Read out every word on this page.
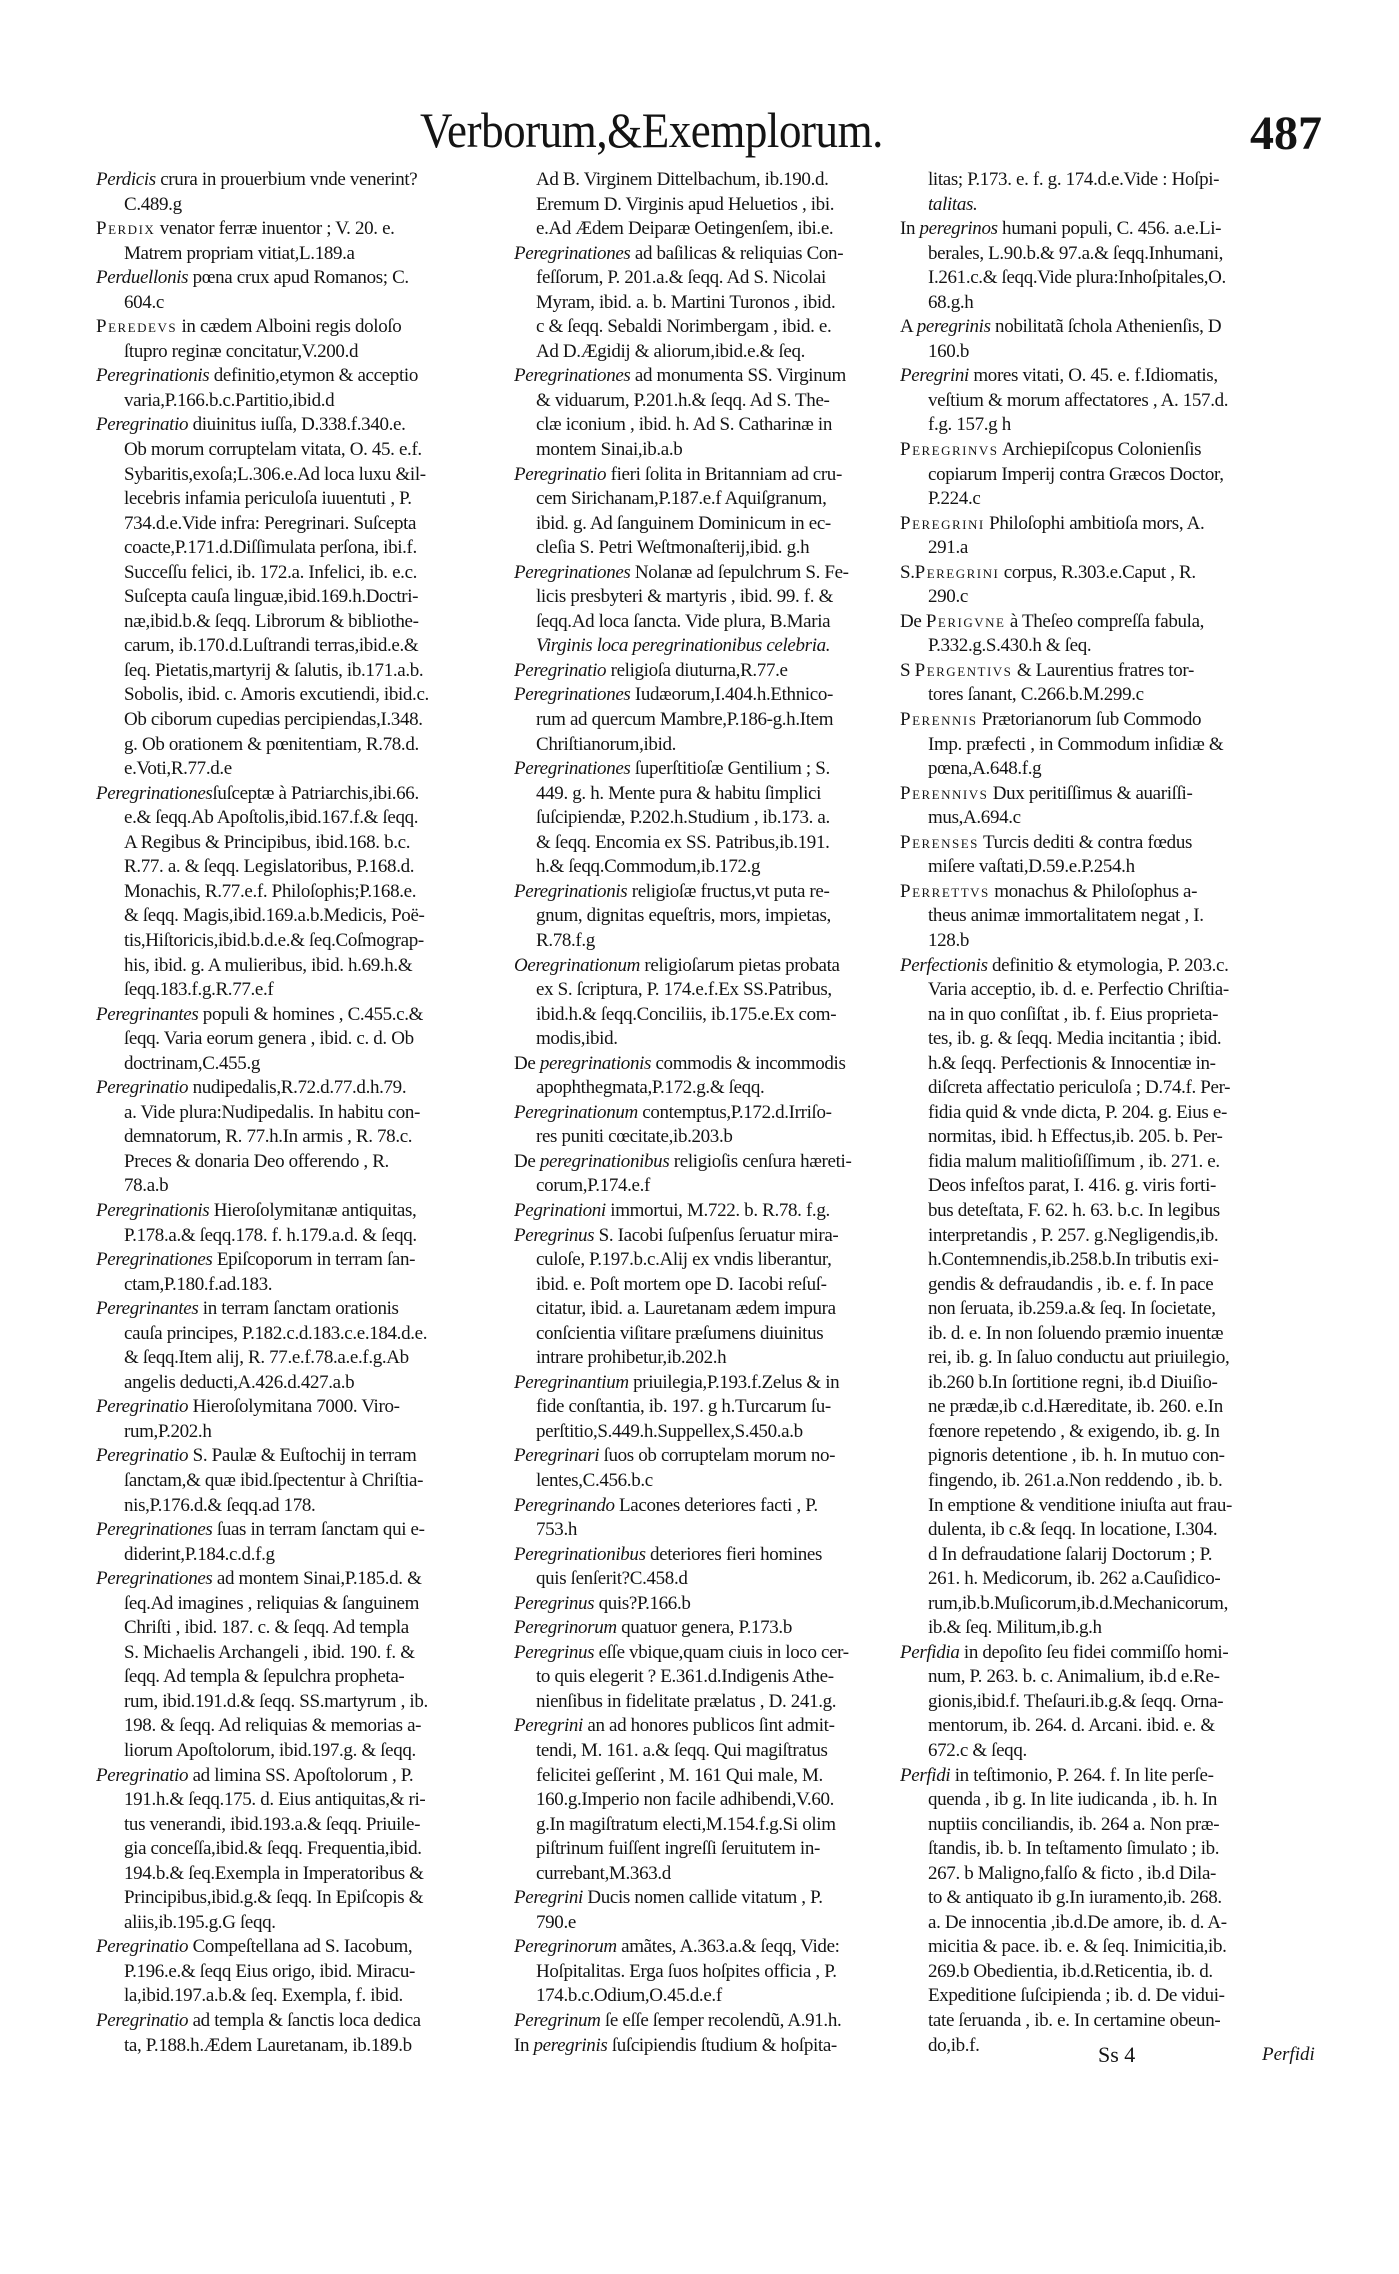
Verborum,&Exemplorum.	487
Perdicis crura in prouerbium vnde venerint?
C.489.g
Perdix venator ferræ inuentor ; V. 20. e.
Matrem propriam vitiat,L.189.a
Perduellonis pœna crux apud Romanos; C.
604.c
Peredevs in cædem Alboini regis doloſo
ſtupro reginæ concitatur,V.200.d
Peregrinationis definitio,etymon & acceptio
varia,P.166.b.c.Partitio,ibid.d
Peregrinatio diuinitus iuſſa, D.338.f.340.e.
Ob morum corruptelam vitata, O. 45. e.f.
Sybaritis,exoſa;L.306.e.Ad loca luxu &il-
lecebris infamia periculoſa iuuentuti , P.
734.d.e.Vide infra: Peregrinari. Suſcepta
coacte,P.171.d.Diſſimulata perſona, ibi.f.
Succeſſu felici, ib. 172.a. Infelici, ib. e.c.
Suſcepta cauſa linguæ,ibid.169.h.Doctri-
næ,ibid.b.& ſeqq. Librorum & bibliothe-
carum, ib.170.d.Luſtrandi terras,ibid.e.&
ſeq. Pietatis,martyrij & ſalutis, ib.171.a.b.
Sobolis, ibid. c. Amoris excutiendi, ibid.c.
Ob ciborum cupedias percipiendas,I.348.
g. Ob orationem & pœnitentiam, R.78.d.
e.Voti,R.77.d.e
Peregrinationesſuſceptæ à Patriarchis,ibi.66.
e.& ſeqq.Ab Apoſtolis,ibid.167.f.& ſeqq.
A Regibus & Principibus, ibid.168. b.c.
R.77. a. & ſeqq. Legislatoribus, P.168.d.
Monachis, R.77.e.f. Philoſophis;P.168.e.
& ſeqq. Magis,ibid.169.a.b.Medicis, Poë-
tis,Hiſtoricis,ibid.b.d.e.& ſeq.Coſmograp-
his, ibid. g. A mulieribus, ibid. h.69.h.&
ſeqq.183.f.g.R.77.e.f
Peregrinantes populi & homines , C.455.c.&
ſeqq. Varia eorum genera , ibid. c. d. Ob
doctrinam,C.455.g
Peregrinatio nudipedalis,R.72.d.77.d.h.79.
a. Vide plura:Nudipedalis. In habitu con-
demnatorum, R. 77.h.In armis , R. 78.c.
Preces & donaria Deo offerendo , R.
78.a.b
Peregrinationis Hieroſolymitanæ antiquitas,
P.178.a.& ſeqq.178. f. h.179.a.d. & ſeqq.
Peregrinationes Epiſcoporum in terram ſan-
ctam,P.180.f.ad.183.
Peregrinantes in terram ſanctam orationis
cauſa principes, P.182.c.d.183.c.e.184.d.e.
& ſeqq.Item alij, R. 77.e.f.78.a.e.f.g.Ab
angelis deducti,A.426.d.427.a.b
Peregrinatio Hieroſolymitana 7000. Viro-
rum,P.202.h
Peregrinatio S. Paulæ & Euſtochij in terram
ſanctam,& quæ ibid.ſpectentur à Chriſtia-
nis,P.176.d.& ſeqq.ad 178.
Peregrinationes ſuas in terram ſanctam qui e-
diderint,P.184.c.d.f.g
Peregrinationes ad montem Sinai,P.185.d. &
ſeq.Ad imagines , reliquias & ſanguinem
Chriſti , ibid. 187. c. & ſeqq. Ad templa
S. Michaelis Archangeli , ibid. 190. f. &
ſeqq. Ad templa & ſepulchra propheta-
rum, ibid.191.d.& ſeqq. SS.martyrum , ib.
198. & ſeqq. Ad reliquias & memorias a-
liorum Apoſtolorum, ibid.197.g. & ſeqq.
Peregrinatio ad limina SS. Apoſtolorum , P.
191.h.& ſeqq.175. d. Eius antiquitas,& ri-
tus venerandi, ibid.193.a.& ſeqq. Priuile-
gia conceſſa,ibid.& ſeqq. Frequentia,ibid.
194.b.& ſeq.Exempla in Imperatoribus &
Principibus,ibid.g.& ſeqq. In Epiſcopis &
aliis,ib.195.g.G ſeqq.
Peregrinatio Compeſtellana ad S. Iacobum,
P.196.e.& ſeqq Eius origo, ibid. Miracu-
la,ibid.197.a.b.& ſeq. Exempla, f. ibid.
Peregrinatio ad templa & ſanctis loca dedica
ta, P.188.h.Ædem Lauretanam, ib.189.b
Ad B. Virginem Dittelbachum, ib.190.d.
Eremum D. Virginis apud Heluetios , ibi.
e.Ad Ædem Deiparæ Oetingenſem, ibi.e.
Peregrinationes ad baſilicas & reliquias Con-
feſſorum, P. 201.a.& ſeqq. Ad S. Nicolai
Myram, ibid. a. b. Martini Turonos , ibid.
c & ſeqq. Sebaldi Norimbergam , ibid. e.
Ad D.Ægidij & aliorum,ibid.e.& ſeq.
Peregrinationes ad monumenta SS. Virginum
& viduarum, P.201.h.& ſeqq. Ad S. The-
clæ iconium , ibid. h. Ad S. Catharinæ in
montem Sinai,ib.a.b
Peregrinatio fieri ſolita in Britanniam ad cru-
cem Sirichanam,P.187.e.f Aquiſgranum,
ibid. g. Ad ſanguinem Dominicum in ec-
cleſia S. Petri Weſtmonaſterij,ibid. g.h
Peregrinationes Nolanæ ad ſepulchrum S. Fe-
licis presbyteri & martyris , ibid. 99. f. &
ſeqq.Ad loca ſancta. Vide plura, B.Maria
Virginis loca peregrinationibus celebria.
Peregrinatio religioſa diuturna,R.77.e
Peregrinationes Iudæorum,I.404.h.Ethnico-
rum ad quercum Mambre,P.186-g.h.Item
Chriſtianorum,ibid.
Peregrinationes ſuperſtitioſæ Gentilium ; S.
449. g. h. Mente pura & habitu ſimplici
ſuſcipiendæ, P.202.h.Studium , ib.173. a.
& ſeqq. Encomia ex SS. Patribus,ib.191.
h.& ſeqq.Commodum,ib.172.g
Peregrinationis religioſæ fructus,vt puta re-
gnum, dignitas equeſtris, mors, impietas,
R.78.f.g
Oeregrinationum religioſarum pietas probata
ex S. ſcriptura, P. 174.e.f.Ex SS.Patribus,
ibid.h.& ſeqq.Conciliis, ib.175.e.Ex com-
modis,ibid.
De peregrinationis commodis & incommodis
apophthegmata,P.172.g.& ſeqq.
Peregrinationum contemptus,P.172.d.Irriſo-
res puniti cœcitate,ib.203.b
De peregrinationibus religioſis cenſura hæreti-
corum,P.174.e.f
Pegrinationi immortui, M.722. b. R.78. f.g.
Peregrinus S. Iacobi ſuſpenſus ſeruatur mira-
culoſe, P.197.b.c.Alij ex vndis liberantur,
ibid. e. Poſt mortem ope D. Iacobi reſuſ-
citatur, ibid. a. Lauretanam ædem impura
conſcientia viſitare præſumens diuinitus
intrare prohibetur,ib.202.h
Peregrinantium priuilegia,P.193.f.Zelus & in
fide conſtantia, ib. 197. g h.Turcarum ſu-
perſtitio,S.449.h.Suppellex,S.450.a.b
Peregrinari ſuos ob corruptelam morum no-
lentes,C.456.b.c
Peregrinando Lacones deteriores facti , P.
753.h
Peregrinationibus deteriores fieri homines
quis ſenſerit?C.458.d
Peregrinus quis?P.166.b
Peregrinorum quatuor genera, P.173.b
Peregrinus eſſe vbique,quam ciuis in loco cer-
to quis elegerit ? E.361.d.Indigenis Athe-
nienſibus in fidelitate prælatus , D. 241.g.
Peregrini an ad honores publicos ſint admit-
tendi, M. 161. a.& ſeqq. Qui magiſtratus
felicitei geſſerint , M. 161 Qui male, M.
160.g.Imperio non facile adhibendi,V.60.
g.In magiſtratum electi,M.154.f.g.Si olim
piſtrinum fuiſſent ingreſſi ſeruitutem in-
currebant,M.363.d
Peregrini Ducis nomen callide vitatum , P.
790.e
Peregrinorum amãtes, A.363.a.& ſeqq, Vide:
Hoſpitalitas. Erga ſuos hoſpites officia , P.
174.b.c.Odium,O.45.d.e.f
Peregrinum ſe eſſe ſemper recolendũ, A.91.h.
In peregrinis ſuſcipiendis ſtudium & hoſpita-
litas; P.173. e. f. g. 174.d.e.Vide : Hoſpi-
talitas.
In peregrinos humani populi, C. 456. a.e.Li-
berales, L.90.b.& 97.a.& ſeqq.Inhumani,
I.261.c.& ſeqq.Vide plura:Inhoſpitales,O.
68.g.h
A peregrinis nobilitatã ſchola Athenienſis, D
160.b
Peregrini mores vitati, O. 45. e. f.Idiomatis,
veſtium & morum affectatores , A. 157.d.
f.g. 157.g h
Peregrinvs Archiepiſcopus Colonienſis
copiarum Imperij contra Græcos Doctor,
P.224.c
Peregrini Philoſophi ambitioſa mors, A.
291.a
S.Peregrini corpus, R.303.e.Caput , R.
290.c
De Perigvne à Theſeo compreſſa fabula,
P.332.g.S.430.h & ſeq.
S Pergentivs & Laurentius fratres tor-
tores ſanant, C.266.b.M.299.c
Perennis Prætorianorum ſub Commodo
Imp. præfecti , in Commodum inſidiæ &
pœna,A.648.f.g
Perennivs Dux peritiſſimus & auariſſi-
mus,A.694.c
Perenses Turcis dediti & contra fœdus
miſere vaſtati,D.59.e.P.254.h
Perrettvs monachus & Philoſophus a-
theus animæ immortalitatem negat , I.
128.b
Perfectionis definitio & etymologia, P. 203.c.
Varia acceptio, ib. d. e. Perfectio Chriſtia-
na in quo conſiſtat , ib. f. Eius proprieta-
tes, ib. g. & ſeqq. Media incitantia ; ibid.
h.& ſeqq. Perfectionis & Innocentiæ in-
diſcreta affectatio periculoſa ; D.74.f. Per-
fidia quid & vnde dicta, P. 204. g. Eius e-
normitas, ibid. h Effectus,ib. 205. b. Per-
fidia malum malitioſiſſimum , ib. 271. e.
Deos infeſtos parat, I. 416. g. viris forti-
bus deteſtata, F. 62. h. 63. b.c. In legibus
interpretandis , P. 257. g.Negligendis,ib.
h.Contemnendis,ib.258.b.In tributis exi-
gendis & defraudandis , ib. e. f. In pace
non ſeruata, ib.259.a.& ſeq. In ſocietate,
ib. d. e. In non ſoluendo præmio inuentæ
rei, ib. g. In ſaluo conductu aut priuilegio,
ib.260 b.In ſortitione regni, ib.d Diuiſio-
ne prædæ,ib c.d.Hæreditate, ib. 260. e.In
fœnore repetendo , & exigendo, ib. g. In
pignoris detentione , ib. h. In mutuo con-
fingendo, ib. 261.a.Non reddendo , ib. b.
In emptione & venditione iniuſta aut frau-
dulenta, ib c.& ſeqq. In locatione, I.304.
d In defraudatione ſalarij Doctorum ; P.
261. h. Medicorum, ib. 262 a.Cauſidico-
rum,ib.b.Muſicorum,ib.d.Mechanicorum,
ib.& ſeq. Militum,ib.g.h
Perfidia in depoſito ſeu fidei commiſſo homi-
num, P. 263. b. c. Animalium, ib.d e.Re-
gionis,ibid.f. Theſauri.ib.g.& ſeqq. Orna-
mentorum, ib. 264. d. Arcani. ibid. e. &
672.c & ſeqq.
Perfidi in teſtimonio, P. 264. f. In lite perſe-
quenda , ib g. In lite iudicanda , ib. h. In
nuptiis conciliandis, ib. 264 a. Non præ-
ſtandis, ib. b. In teſtamento ſimulato ; ib.
267. b Maligno,falſo & ficto , ib.d Dila-
to & antiquato ib g.In iuramento,ib. 268.
a. De innocentia ,ib.d.De amore, ib. d. A-
micitia & pace. ib. e. & ſeq. Inimicitia,ib.
269.b Obedientia, ib.d.Reticentia, ib. d.
Expeditione ſuſcipienda ; ib. d. De vidui-
tate ſeruanda , ib. e. In certamine obeun-
do,ib.f.	Ss 4	Perfidi
